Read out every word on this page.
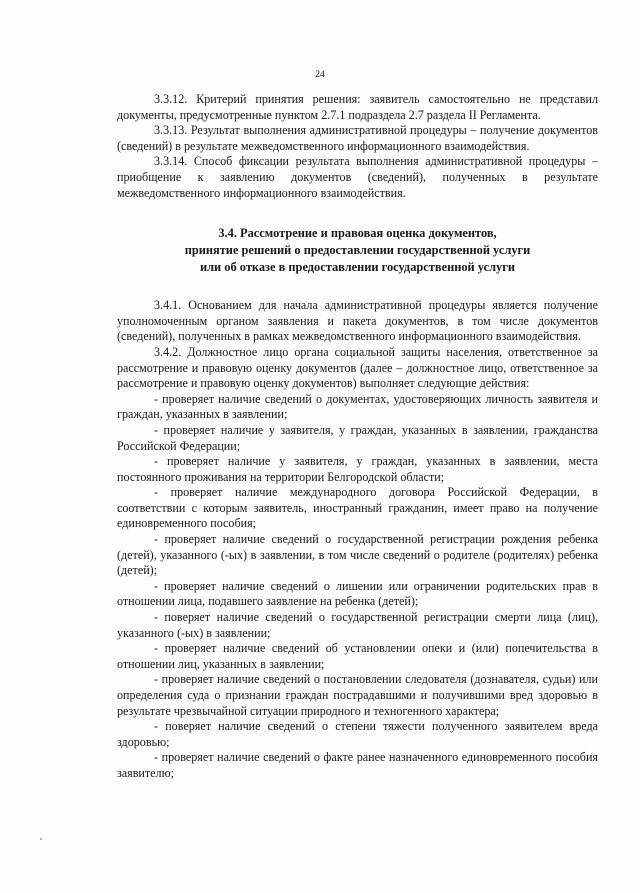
24

3.3.12. Критерий принятия решения: заявитель самостоятельно не представил документы, предусмотренные пунктом 2.7.1 подраздела 2.7 раздела II Регламента.

3.3.13. Результат выполнения административной процедуры – получение документов (сведений) в результате межведомственного информационного взаимодействия.

3.3.14. Способ фиксации результата выполнения административной процедуры – приобщение к заявлению документов (сведений), полученных в результате межведомственного информационного взаимодействия.

3.4. Рассмотрение и правовая оценка документов,
принятие решений о предоставлении государственной услуги
или об отказе в предоставлении государственной услуги

3.4.1. Основанием для начала административной процедуры является получение уполномоченным органом заявления и пакета документов, в том числе документов (сведений), полученных в рамках межведомственного информационного взаимодействия.

3.4.2. Должностное лицо органа социальной защиты населения, ответственное за рассмотрение и правовую оценку документов (далее – должностное лицо, ответственное за рассмотрение и правовую оценку документов) выполняет следующие действия:

- проверяет наличие сведений о документах, удостоверяющих личность заявителя и граждан, указанных в заявлении;

- проверяет наличие у заявителя, у граждан, указанных в заявлении, гражданства Российской Федерации;

- проверяет наличие у заявителя, у граждан, указанных в заявлении, места постоянного проживания на территории Белгородской области;

- проверяет наличие международного договора Российской Федерации, в соответствии с которым заявитель, иностранный гражданин, имеет право на получение единовременного пособия;

- проверяет наличие сведений о государственной регистрации рождения ребенка (детей), указанного (-ых) в заявлении, в том числе сведений о родителе (родителях) ребенка (детей);

- проверяет наличие сведений о лишении или ограничении родительских прав в отношении лица, подавшего заявление на ребенка (детей);

- поверяет наличие сведений о государственной регистрации смерти лица (лиц), указанного (-ых) в заявлении;

- проверяет наличие сведений об установлении опеки и (или) попечительства в отношении лиц, указанных в заявлении;

- проверяет наличие сведений о постановлении следователя (дознавателя, судьи) или определения суда о признании граждан пострадавшими и получившими вред здоровью в результате чрезвычайной ситуации природного и техногенного характера;

- поверяет наличие сведений о степени тяжести полученного заявителем вреда здоровью;

- проверяет наличие сведений о факте ранее назначенного единовременного пособия заявителю;
